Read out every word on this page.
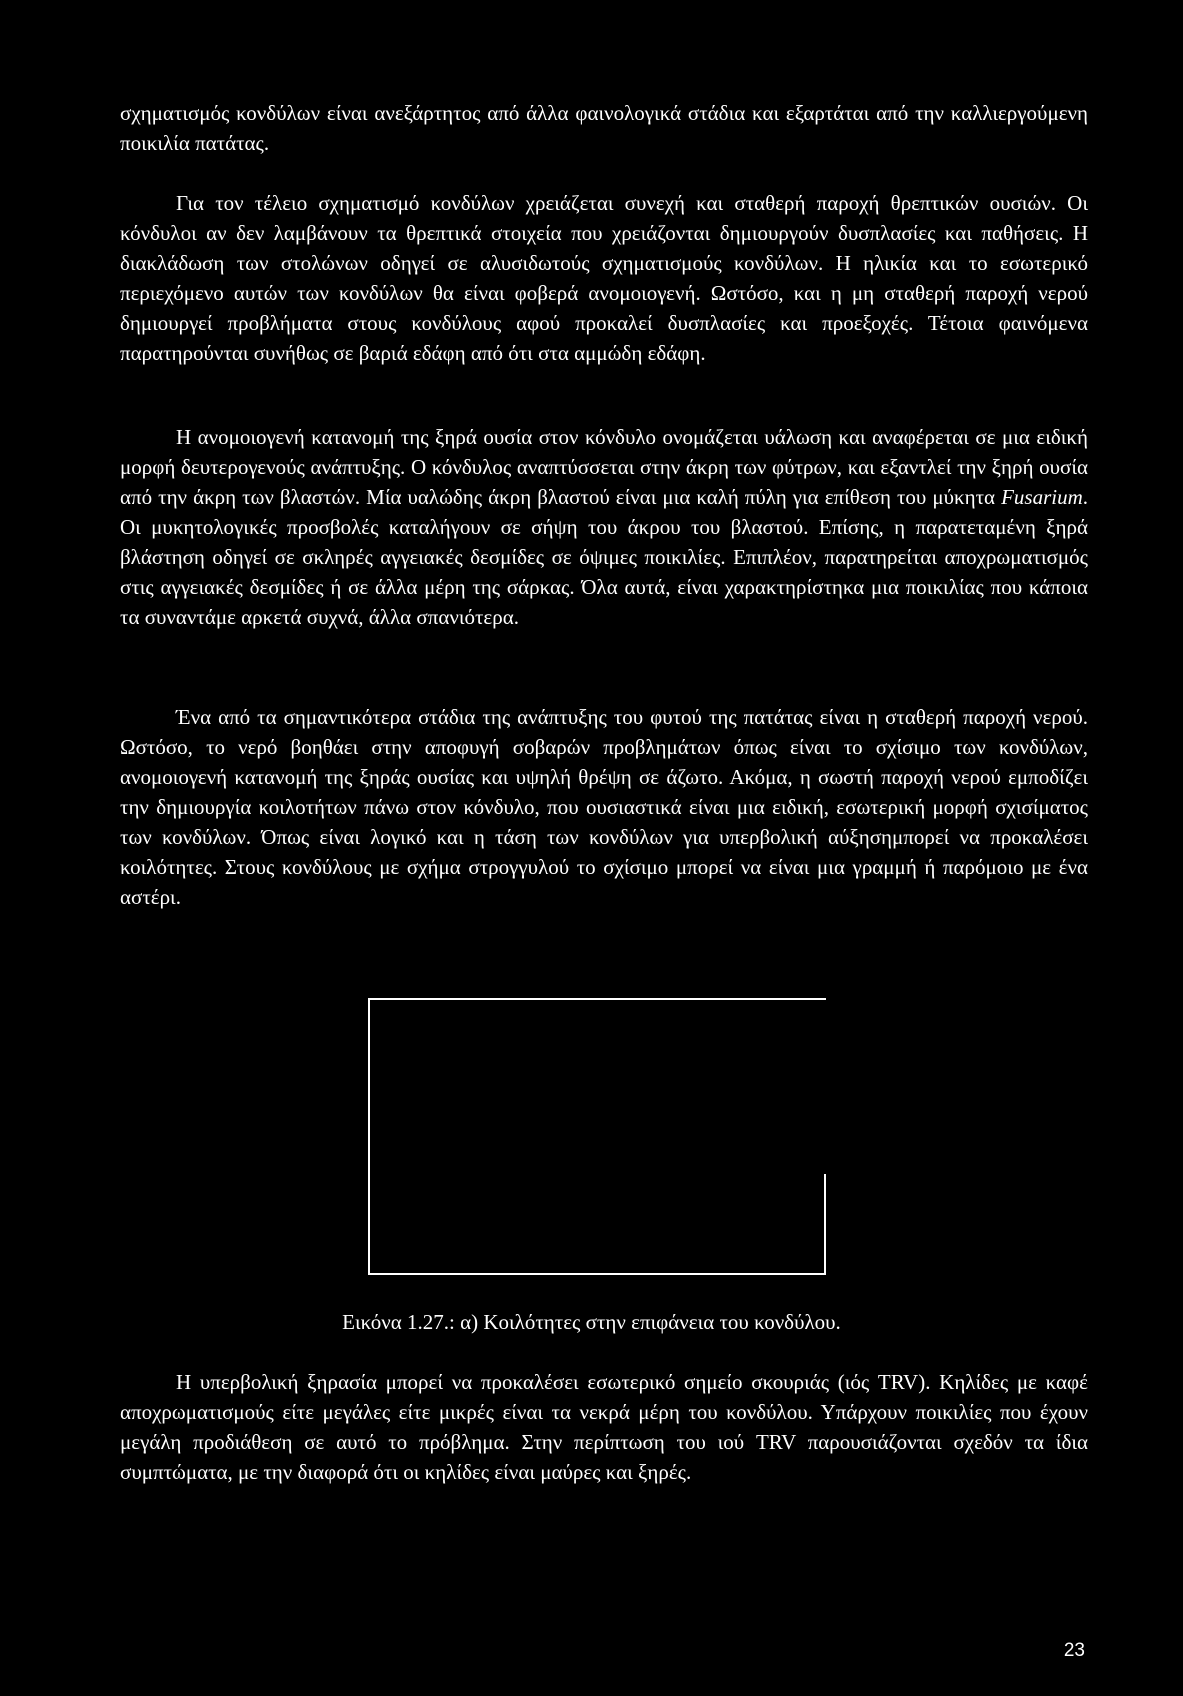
σχηματισμός κονδύλων είναι ανεξάρτητος από άλλα φαινολογικά στάδια και εξαρτάται από την καλλιεργούμενη ποικιλία πατάτας.

Για τον τέλειο σχηματισμό κονδύλων χρειάζεται συνεχή και σταθερή παροχή θρεπτικών ουσιών. Οι κόνδυλοι αν δεν λαμβάνουν τα θρεπτικά στοιχεία που χρειάζονται δημιουργούν δυσπλασίες και παθήσεις. Η διακλάδωση των στολώνων οδηγεί σε αλυσιδωτούς σχηματισμούς κονδύλων. Η ηλικία και το εσωτερικό περιεχόμενο αυτών των κονδύλων θα είναι φοβερά ανομοιογενή. Ωστόσο, και η μη σταθερή παροχή νερού δημιουργεί προβλήματα στους κονδύλους αφού προκαλεί δυσπλασίες και προεξοχές. Τέτοια φαινόμενα παρατηρούνται συνήθως σε βαριά εδάφη από ότι στα αμμώδη εδάφη.

Η ανομοιογενή κατανομή της ξηρά ουσία στον κόνδυλο ονομάζεται υάλωση και αναφέρεται σε μια ειδική μορφή δευτερογενούς ανάπτυξης. Ο κόνδυλος αναπτύσσεται στην άκρη των φύτρων, και εξαντλεί την ξηρή ουσία από την άκρη των βλαστών. Μία υαλώδης άκρη βλαστού είναι μια καλή πύλη για επίθεση του μύκητα Fusarium. Οι μυκητολογικές προσβολές καταλήγουν σε σήψη του άκρου του βλαστού. Επίσης, η παρατεταμένη ξηρά βλάστηση οδηγεί σε σκληρές αγγειακές δεσμίδες σε όψιμες ποικιλίες. Επιπλέον, παρατηρείται αποχρωματισμός στις αγγειακές δεσμίδες ή σε άλλα μέρη της σάρκας. Όλα αυτά, είναι χαρακτηρίστηκα μια ποικιλίας που κάποια τα συναντάμε αρκετά συχνά, άλλα σπανιότερα.

Ένα από τα σημαντικότερα στάδια της ανάπτυξης του φυτού της πατάτας είναι η σταθερή παροχή νερού. Ωστόσο, το νερό βοηθάει στην αποφυγή σοβαρών προβλημάτων όπως είναι το σχίσιμο των κονδύλων, ανομοιογενή κατανομή της ξηράς ουσίας και υψηλή θρέψη σε άζωτο. Ακόμα, η σωστή παροχή νερού εμποδίζει την δημιουργία κοιλοτήτων πάνω στον κόνδυλο, που ουσιαστικά είναι μια ειδική, εσωτερική μορφή σχισίματος των κονδύλων. Όπως είναι λογικό και η τάση των κονδύλων για υπερβολική αύξησημπορεί να προκαλέσει κοιλότητες. Στους κονδύλους με σχήμα στρογγυλού το σχίσιμο μπορεί να είναι μια γραμμή ή παρόμοιο με ένα αστέρι.

Εικόνα 1.27.: α) Κοιλότητες στην επιφάνεια του κονδύλου.

Η υπερβολική ξηρασία μπορεί να προκαλέσει εσωτερικό σημείο σκουριάς (ιός TRV). Κηλίδες με καφέ αποχρωματισμούς είτε μεγάλες είτε μικρές είναι τα νεκρά μέρη του κονδύλου. Υπάρχουν ποικιλίες που έχουν μεγάλη προδιάθεση σε αυτό το πρόβλημα. Στην περίπτωση του ιού TRV παρουσιάζονται σχεδόν τα ίδια συμπτώματα, με την διαφορά ότι οι κηλίδες είναι μαύρες και ξηρές.

23
